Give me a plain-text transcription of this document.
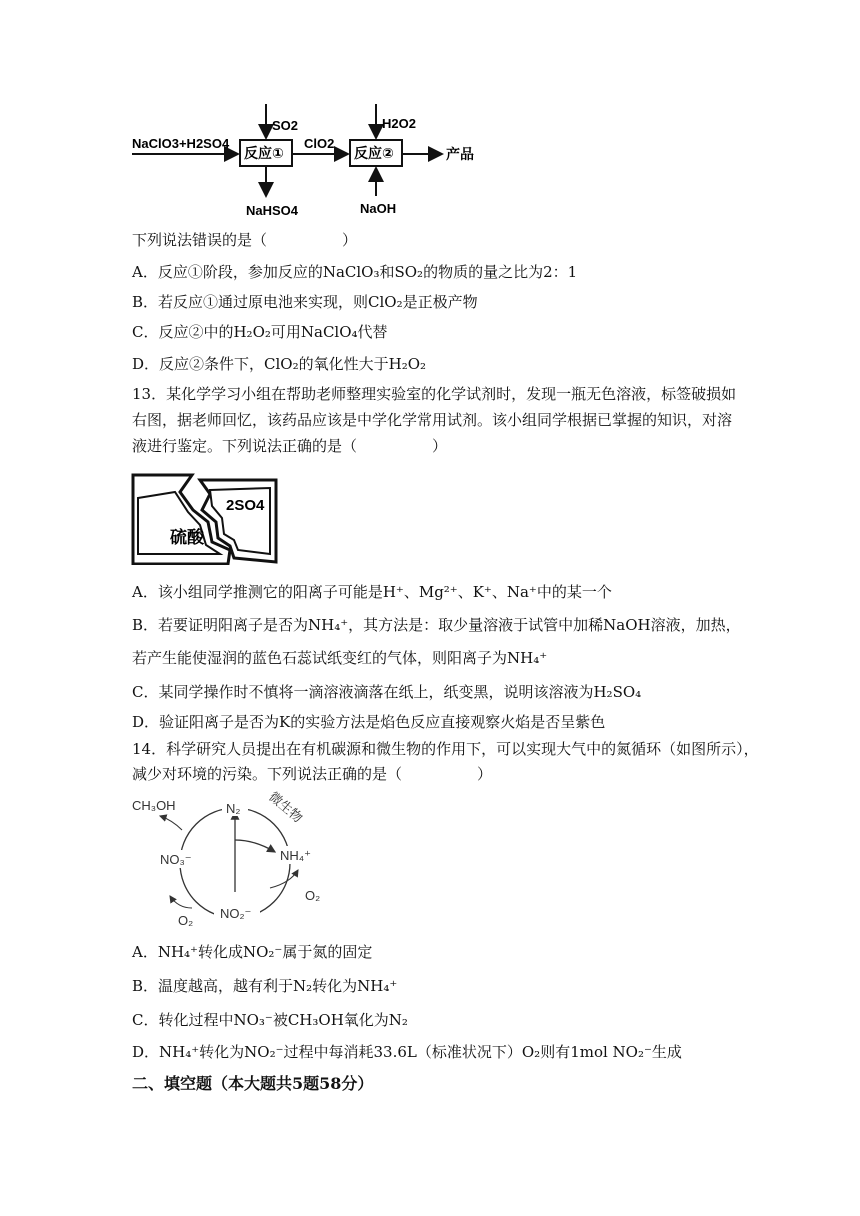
NaClO3+H2SO4
反应①
SO2
NaHSO4
ClO2
反应②
H2O2
NaOH
产品
下列说法错误的是（　　　　　）
A．反应①阶段，参加反应的NaClO₃和SO₂的物质的量之比为2：1
B．若反应①通过原电池来实现，则ClO₂是正极产物
C．反应②中的H₂O₂可用NaClO₄代替
D．反应②条件下，ClO₂的氧化性大于H₂O₂
13．某化学学习小组在帮助老师整理实验室的化学试剂时，发现一瓶无色溶液，标签破损如
右图，据老师回忆，该药品应该是中学化学常用试剂。该小组同学根据已掌握的知识，对溶
液进行鉴定。下列说法正确的是（　　　　　）
硫酸
2SO4
A．该小组同学推测它的阳离子可能是H⁺、Mg²⁺、K⁺、Na⁺中的某一个
B．若要证明阳离子是否为NH₄⁺，其方法是：取少量溶液于试管中加稀NaOH溶液，加热，
若产生能使湿润的蓝色石蕊试纸变红的气体，则阳离子为NH₄⁺
C．某同学操作时不慎将一滴溶液滴落在纸上，纸变黑，说明该溶液为H₂SO₄
D．验证阳离子是否为K的实验方法是焰色反应直接观察火焰是否呈紫色
14．科学研究人员提出在有机碳源和微生物的作用下，可以实现大气中的氮循环（如图所示），
减少对环境的污染。下列说法正确的是（　　　　　）
CH₃OH	N₂ 微生物
NH₄⁺
NO₃⁻
O₂
O₂ NO₂⁻
A．NH₄⁺转化成NO₂⁻属于氮的固定
B．温度越高，越有利于N₂转化为NH₄⁺
C．转化过程中NO₃⁻被CH₃OH氧化为N₂
D．NH₄⁺转化为NO₂⁻过程中每消耗33.6L（标准状况下）O₂则有1mol NO₂⁻生成
二、填空题（本大题共5题58分）
